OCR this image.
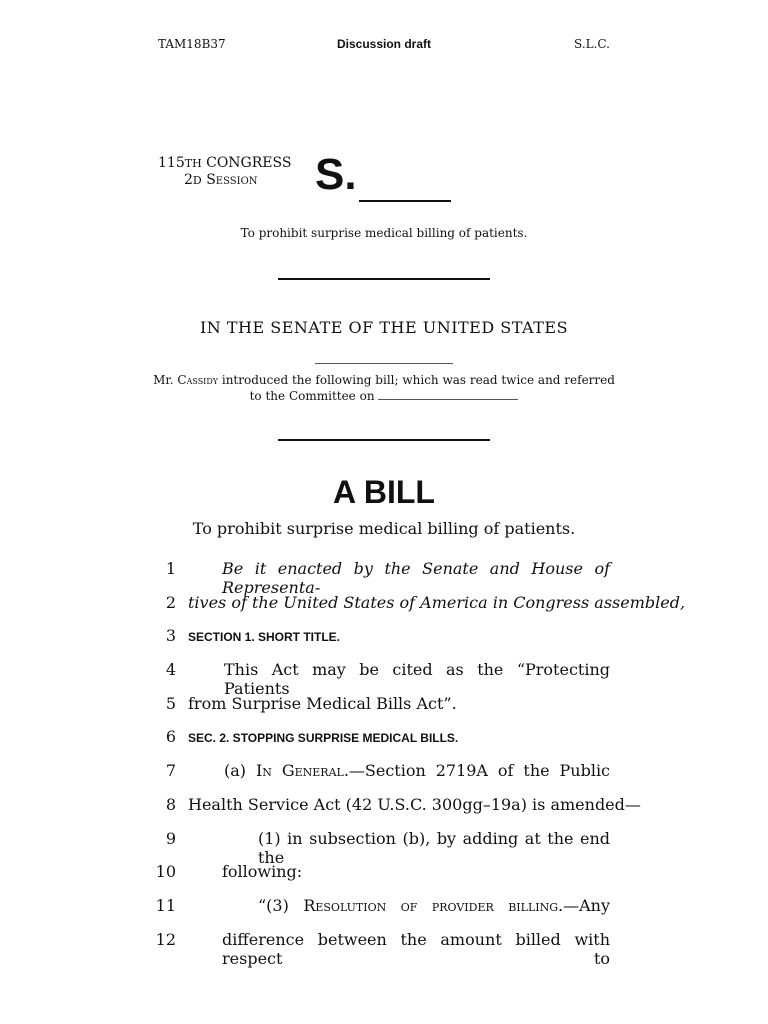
TAM18B37	Discussion draft	S.L.C.
115TH CONGRESS
2D Session	S.
To prohibit surprise medical billing of patients.
IN THE SENATE OF THE UNITED STATES
Mr. Cassidy introduced the following bill; which was read twice and referred
to the Committee on
A BILL
To prohibit surprise medical billing of patients.
1	Be it enacted by the Senate and House of Representa-
2 tives of the United States of America in Congress assembled,
3 SECTION 1. SHORT TITLE.
4	This Act may be cited as the “Protecting Patients
5 from Surprise Medical Bills Act”.
6 SEC. 2. STOPPING SURPRISE MEDICAL BILLS.
7	(a) In General.—Section 2719A of the Public
8 Health Service Act (42 U.S.C. 300gg–19a) is amended—
9	(1) in subsection (b), by adding at the end the
10	following:
11	“(3) Resolution of provider billing.—Any
12	difference between the amount billed with respect to
